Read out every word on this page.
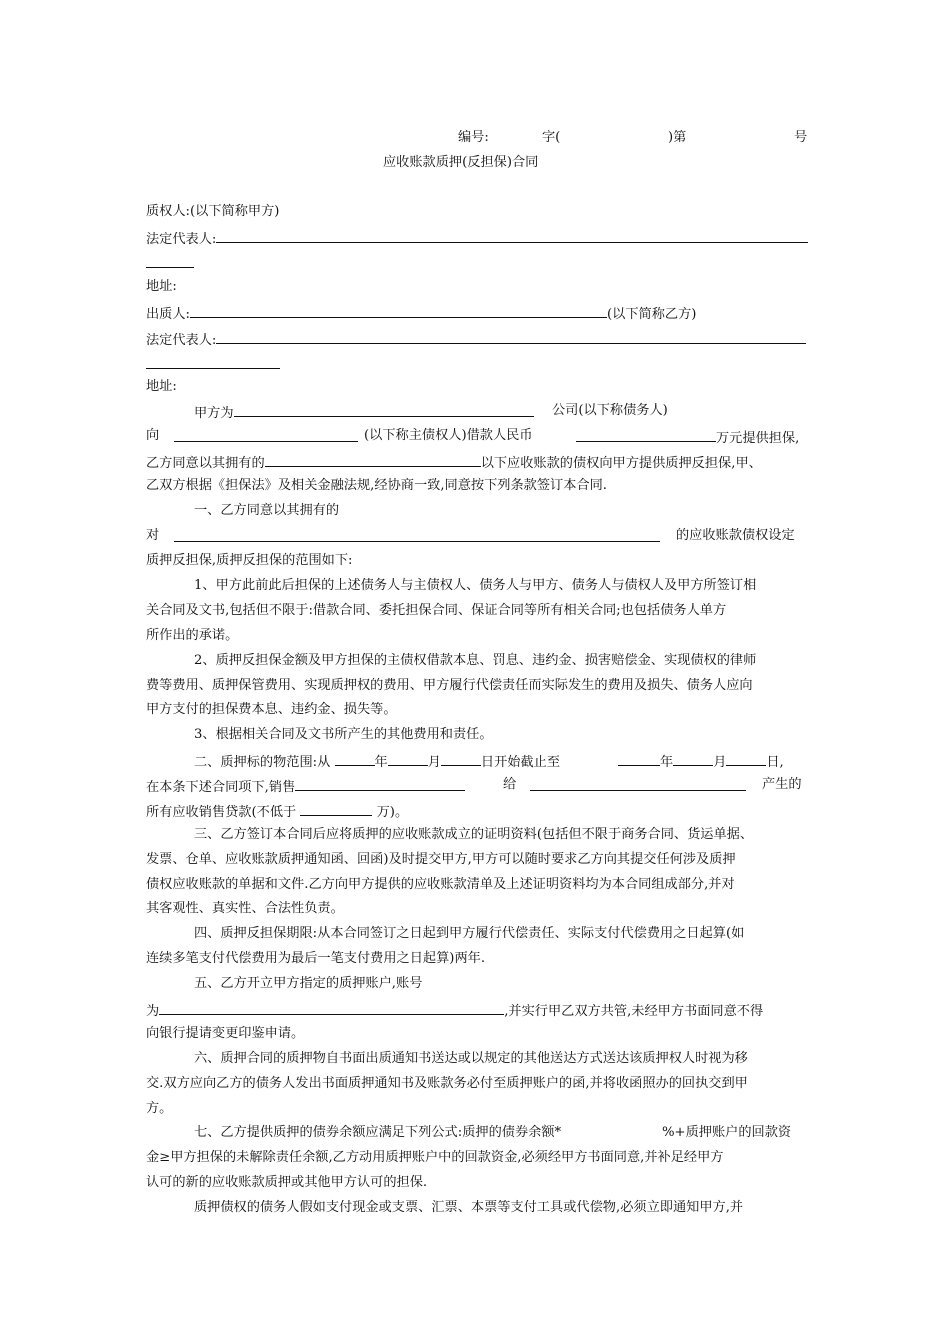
编号:	字(	)第	号
应收账款质押(反担保)合同
质权人:(以下简称甲方)
法定代表人:
地址:
出质人:	(以下简称乙方)
法定代表人:
地址:
甲方为	公司(以下称债务人)
向	(以下称主债权人)借款人民币	万元提供担保,
乙方同意以其拥有的	以下应收账款的债权向甲方提供质押反担保,甲、
乙双方根据《担保法》及相关金融法规,经协商一致,同意按下列条款签订本合同.
一、乙方同意以其拥有的
对	的应收账款债权设定
质押反担保,质押反担保的范围如下:
1、甲方此前此后担保的上述债务人与主债权人、债务人与甲方、债务人与债权人及甲方所签订相
关合同及文书,包括但不限于:借款合同、委托担保合同、保证合同等所有相关合同;也包括债务人单方
所作出的承诺。
2、质押反担保金额及甲方担保的主债权借款本息、罚息、违约金、损害赔偿金、实现债权的律师
费等费用、质押保管费用、实现质押权的费用、甲方履行代偿责任而实际发生的费用及损失、债务人应向
甲方支付的担保费本息、违约金、损失等。
3、根据相关合同及文书所产生的其他费用和责任。
二、质押标的物范围:从	年	月	日开始截止至	年	月	日,
在本条下述合同项下,销售	给	产生的
所有应收销售贷款(不低于	万)。
三、乙方签订本合同后应将质押的应收账款成立的证明资料(包括但不限于商务合同、货运单据、
发票、仓单、应收账款质押通知函、回函)及时提交甲方,甲方可以随时要求乙方向其提交任何涉及质押
债权应收账款的单据和文件.乙方向甲方提供的应收账款清单及上述证明资料均为本合同组成部分,并对
其客观性、真实性、合法性负责。
四、质押反担保期限:从本合同签订之日起到甲方履行代偿责任、实际支付代偿费用之日起算(如
连续多笔支付代偿费用为最后一笔支付费用之日起算)两年.
五、乙方开立甲方指定的质押账户,账号
为	,并实行甲乙双方共管,未经甲方书面同意不得
向银行提请变更印鉴申请。
六、质押合同的质押物自书面出质通知书送达或以规定的其他送达方式送达该质押权人时视为移
交.双方应向乙方的债务人发出书面质押通知书及账款务必付至质押账户的函,并将收函照办的回执交到甲
方。
七、乙方提供质押的债券余额应满足下列公式:质押的债券余额*	%+质押账户的回款资
金≥甲方担保的未解除责任余额,乙方动用质押账户中的回款资金,必须经甲方书面同意,并补足经甲方
认可的新的应收账款质押或其他甲方认可的担保.
质押债权的债务人假如支付现金或支票、汇票、本票等支付工具或代偿物,必须立即通知甲方,并
